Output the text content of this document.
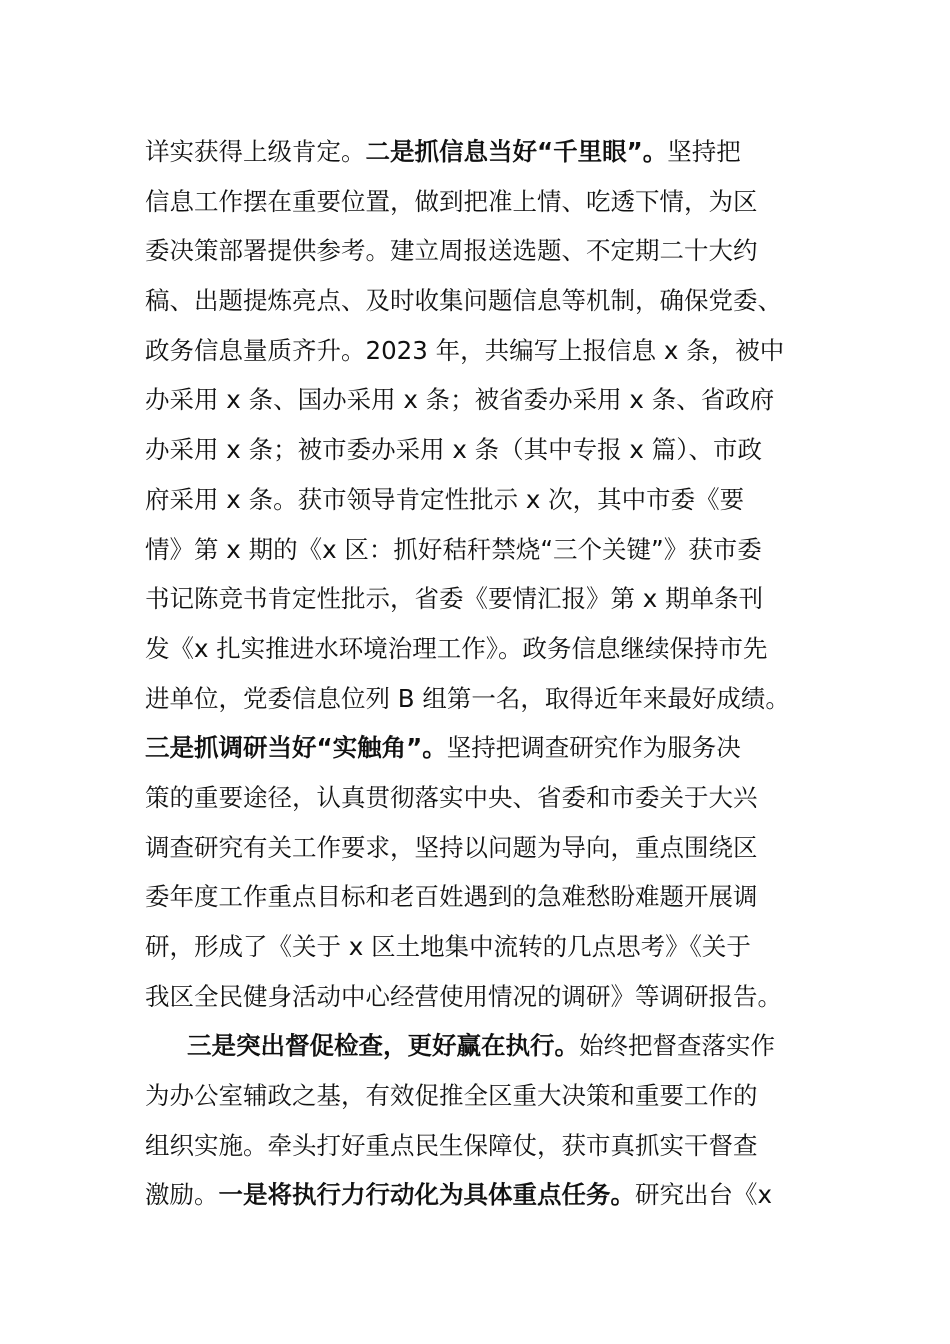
详实获得上级肯定。二是抓信息当好“千里眼”。坚持把
信息工作摆在重要位置，做到把准上情、吃透下情，为区
委决策部署提供参考。建立周报送选题、不定期二十大约
稿、出题提炼亮点、及时收集问题信息等机制，确保党委、
政务信息量质齐升。2023 年，共编写上报信息 x 条，被中
办采用 x 条、国办采用 x 条；被省委办采用 x 条、省政府
办采用 x 条；被市委办采用 x 条（其中专报 x 篇）、市政
府采用 x 条。获市领导肯定性批示 x 次，其中市委《要
情》第 x 期的《x 区：抓好秸秆禁烧“三个关键”》获市委
书记陈竞书肯定性批示，省委《要情汇报》第 x 期单条刊
发《x 扎实推进水环境治理工作》。政务信息继续保持市先
进单位，党委信息位列 B 组第一名，取得近年来最好成绩。
三是抓调研当好“实触角”。坚持把调查研究作为服务决
策的重要途径，认真贯彻落实中央、省委和市委关于大兴
调查研究有关工作要求，坚持以问题为导向，重点围绕区
委年度工作重点目标和老百姓遇到的急难愁盼难题开展调
研，形成了《关于 x 区土地集中流转的几点思考》《关于
我区全民健身活动中心经营使用情况的调研》等调研报告。
三是突出督促检查，更好赢在执行。始终把督查落实作
为办公室辅政之基，有效促推全区重大决策和重要工作的
组织实施。牵头打好重点民生保障仗，获市真抓实干督查
激励。一是将执行力行动化为具体重点任务。研究出台《x
